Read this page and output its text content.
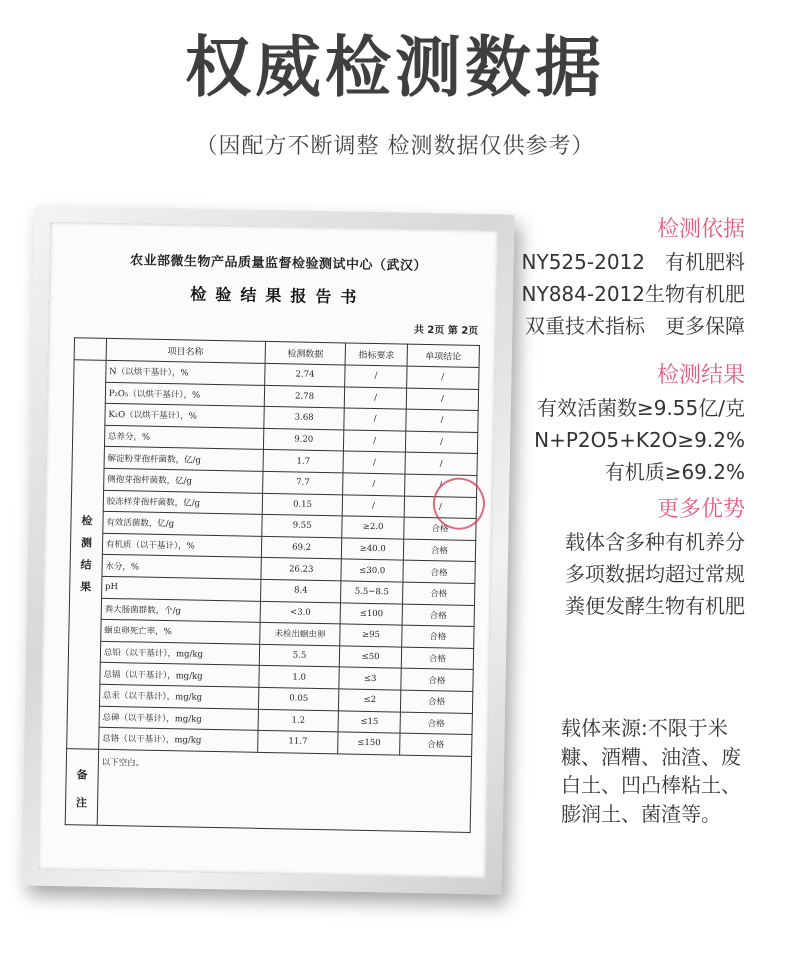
权威检测数据
（因配方不断调整 检测数据仅供参考）
农业部微生物产品质量监督检验测试中心（武汉）
检验结果报告书
共 2页 第 2页
	项目名称	检测数据	指标要求	单项结论

检
测
结
果	N（以烘干基计），%	2.74	/	/
	P₂O₅（以烘干基计），%	2.78	/	/
	K₂O（以烘干基计），%	3.68	/	/
	总养分，%	9.20	/	/
	解淀粉芽孢杆菌数，亿/g	1.7	/	/
	侧孢芽孢杆菌数，亿/g	7.7	/	/
	胶冻样芽孢杆菌数，亿/g	0.15	/	/
	有效活菌数，亿/g	9.55	≥2.0	合格
	有机质（以干基计），%	69.2	≥40.0	合格
	水分，%	26.23	≤30.0	合格
	pH	8.4	5.5~8.5	合格
	粪大肠菌群数，个/g	<3.0	≤100	合格
	蛔虫卵死亡率，%	未检出蛔虫卵	≥95	合格
	总铅（以干基计），mg/kg	5.5	≤50	合格
	总镉（以干基计），mg/kg	1.0	≤3	合格
	总汞（以干基计），mg/kg	0.05	≤2	合格
	总砷（以干基计），mg/kg	1.2	≤15	合格
	总铬（以干基计），mg/kg	11.7	≤150	合格

备
注	以下空白。			
检测依据
NY525-2012　有机肥料
NY884-2012生物有机肥
双重技术指标　更多保障
检测结果
有效活菌数≥9.55亿/克
N+P2O5+K2O≥9.2%
有机质≥69.2%
更多优势
载体含多种有机养分
多项数据均超过常规
粪便发酵生物有机肥
载体来源:不限于米糠、酒糟、油渣、废白土、凹凸棒粘土、膨润土、菌渣等。
